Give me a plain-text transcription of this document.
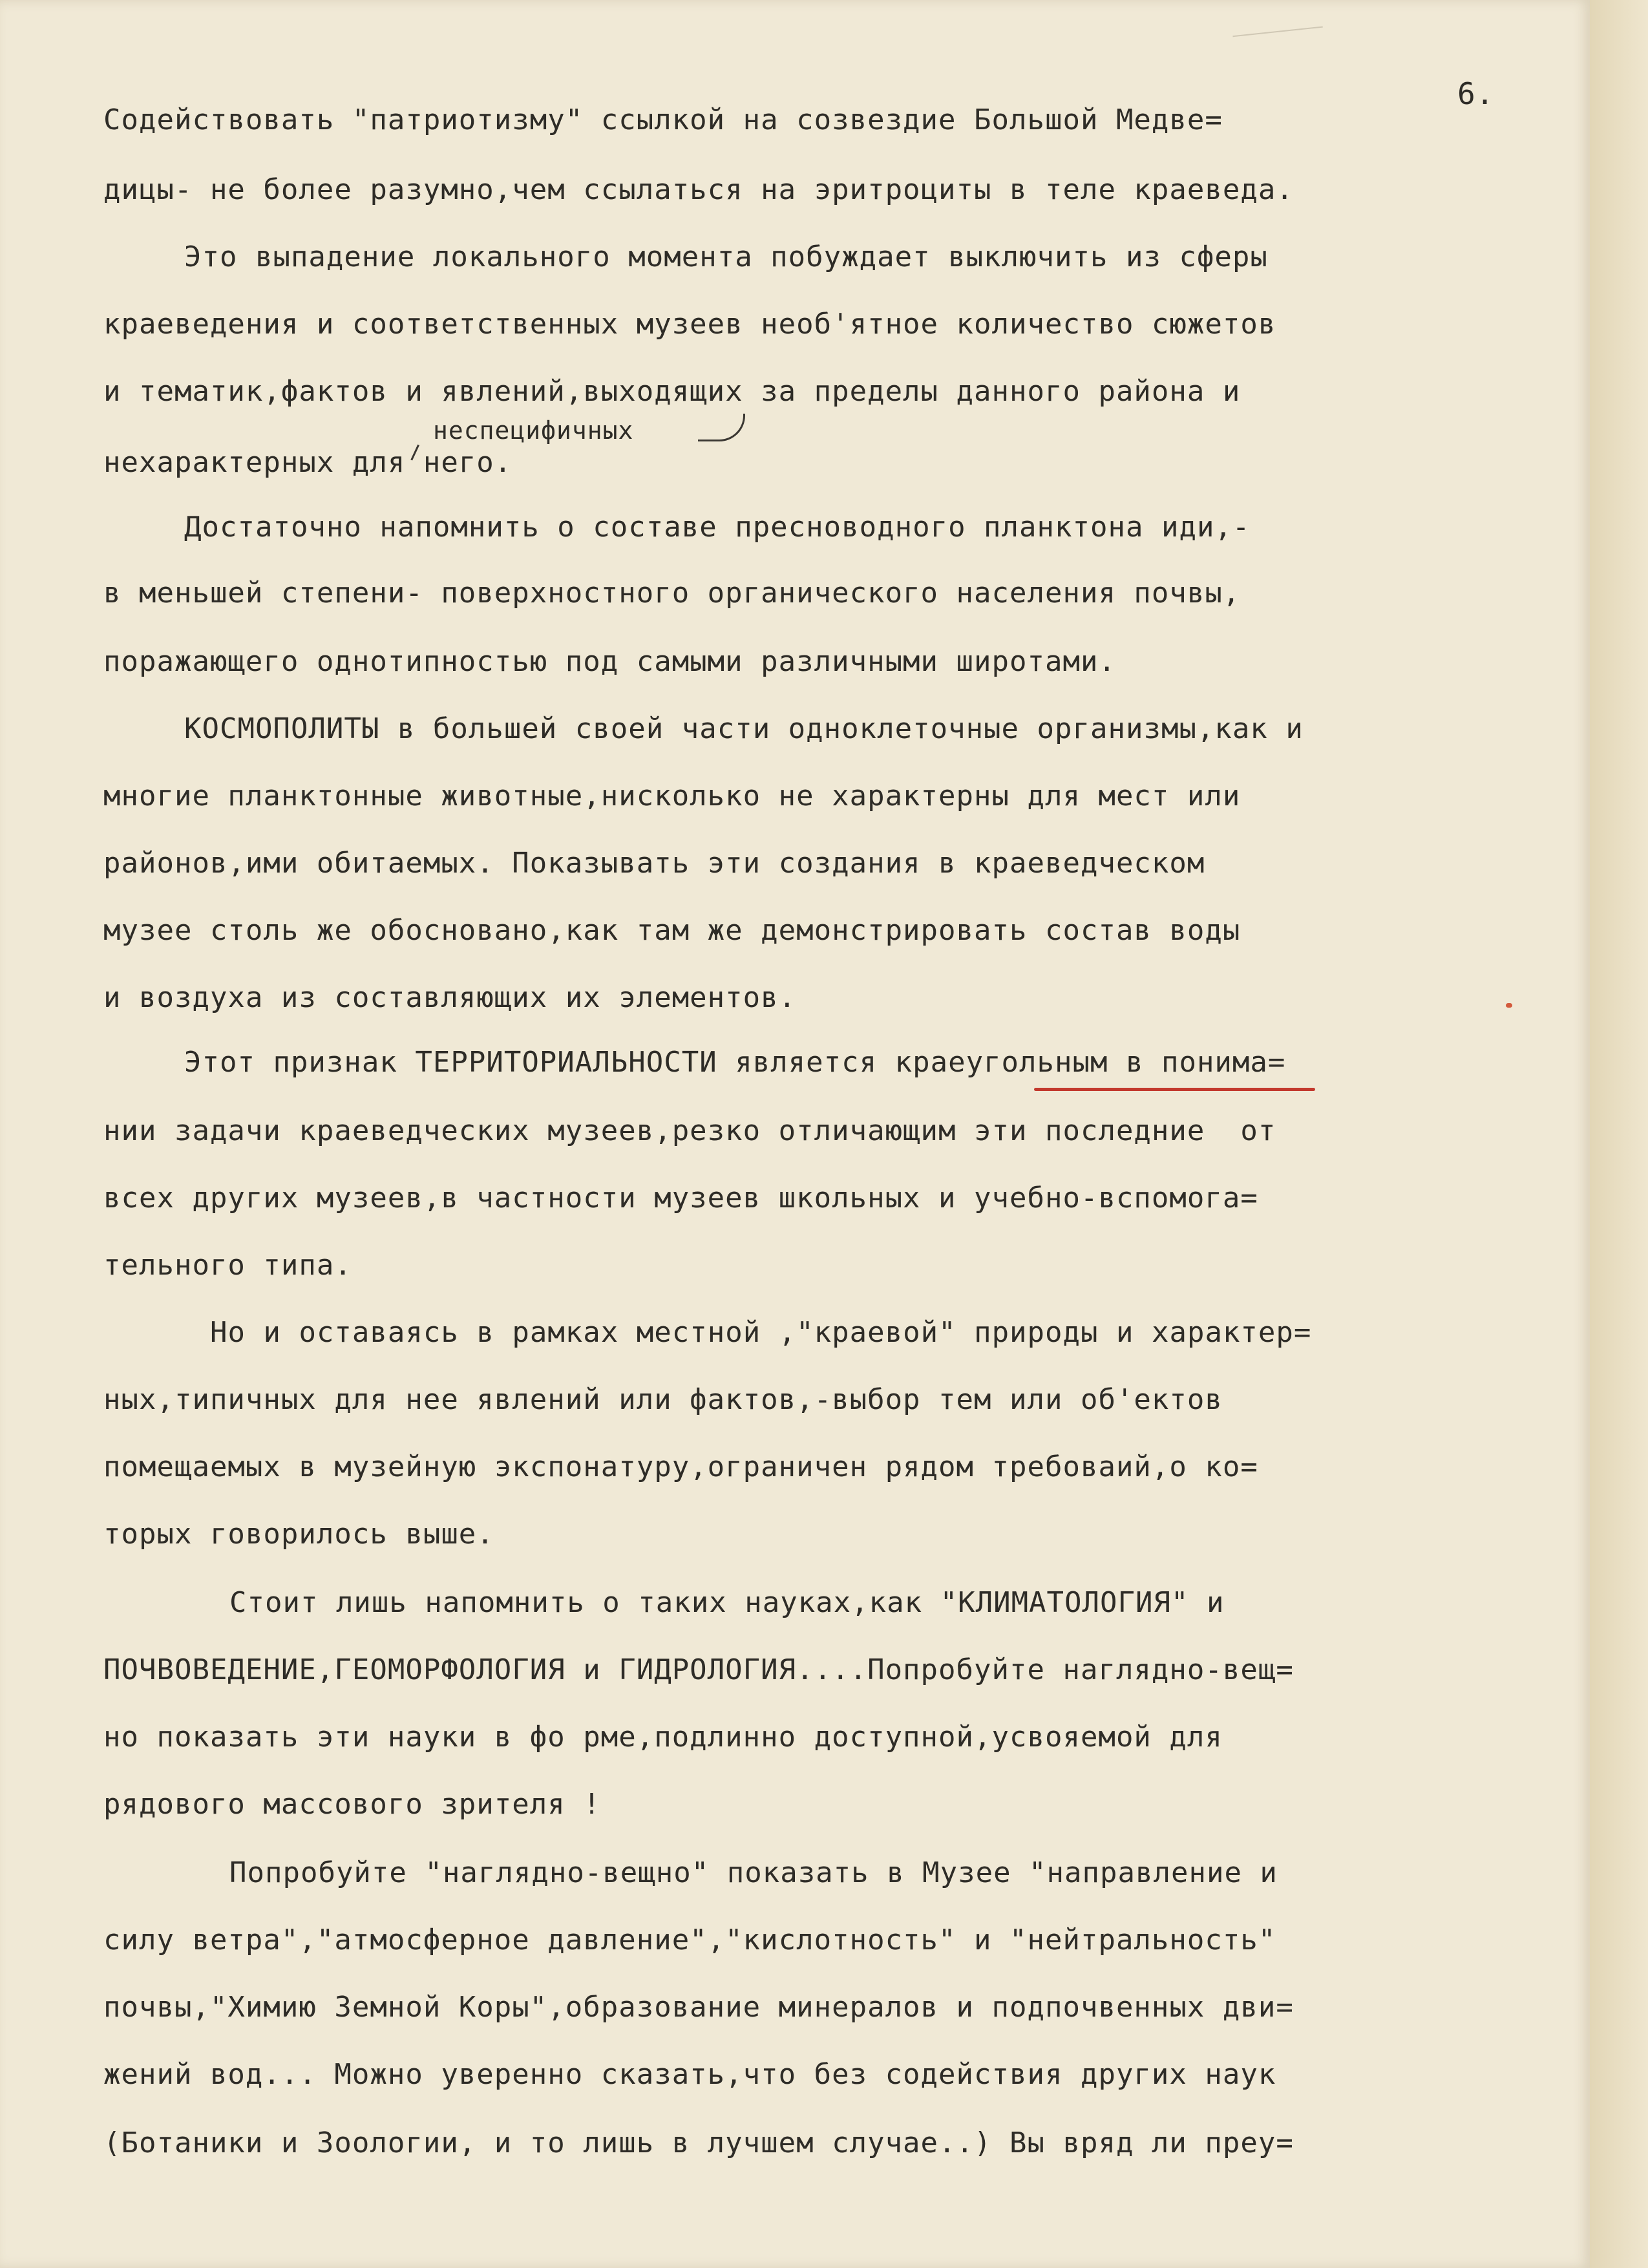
6.
неспецифичных
Содействовать "патриотизму" ссылкой на созвездие Большой Медве=
дицы- не более разумно,чем ссылаться на эритроциты в теле краеведа.
Это выпадение локального момента побуждает выключить из сферы
краеведения и соответственных музеев необ'ятное количество сюжетов
и тематик,фактов и явлений,выходящих за пределы данного района и
нехарактерных для него.
Достаточно напомнить о составе пресноводного планктона иди,-
в меньшей степени- поверхностного органического населения почвы,
поражающего однотипностью под самыми различными широтами.
КОСМОПОЛИТЫ в большей своей части одноклеточные организмы,как и
многие планктонные животные,нисколько не характерны для мест или
районов,ими обитаемых. Показывать эти создания в краеведческом
музее столь же обосновано,как там же демонстрировать состав воды
и воздуха из составляющих их элементов.
Этот признак ТЕРРИТОРИАЛЬНОСТИ является краеугольным в понима=
нии задачи краеведческих музеев,резко отличающим эти последние  от
всех других музеев,в частности музеев школьных и учебно-вспомога=
тельного типа.
Но и оставаясь в рамках местной ,"краевой" природы и характер=
ных,типичных для нее явлений или фактов,-выбор тем или об'ектов
помещаемых в музейную экспонатуру,ограничен рядом требоваий,о ко=
торых говорилось выше.
Стоит лишь напомнить о таких науках,как "КЛИМАТОЛОГИЯ" и
ПОЧВОВЕДЕНИЕ,ГЕОМОРФОЛОГИЯ и ГИДРОЛОГИЯ....Попробуйте наглядно-вещ=
но показать эти науки в фо рме,подлинно доступной,усвояемой для
рядового массового зрителя !
Попробуйте "наглядно-вещно" показать в Музее "направление и
силу ветра","атмосферное давление","кислотность" и "нейтральность"
почвы,"Химию Земной Коры",образование минералов и подпочвенных дви=
жений вод... Можно уверенно сказать,что без содействия других наук
(Ботаники и Зоологии, и то лишь в лучшем случае..) Вы вряд ли преу=
